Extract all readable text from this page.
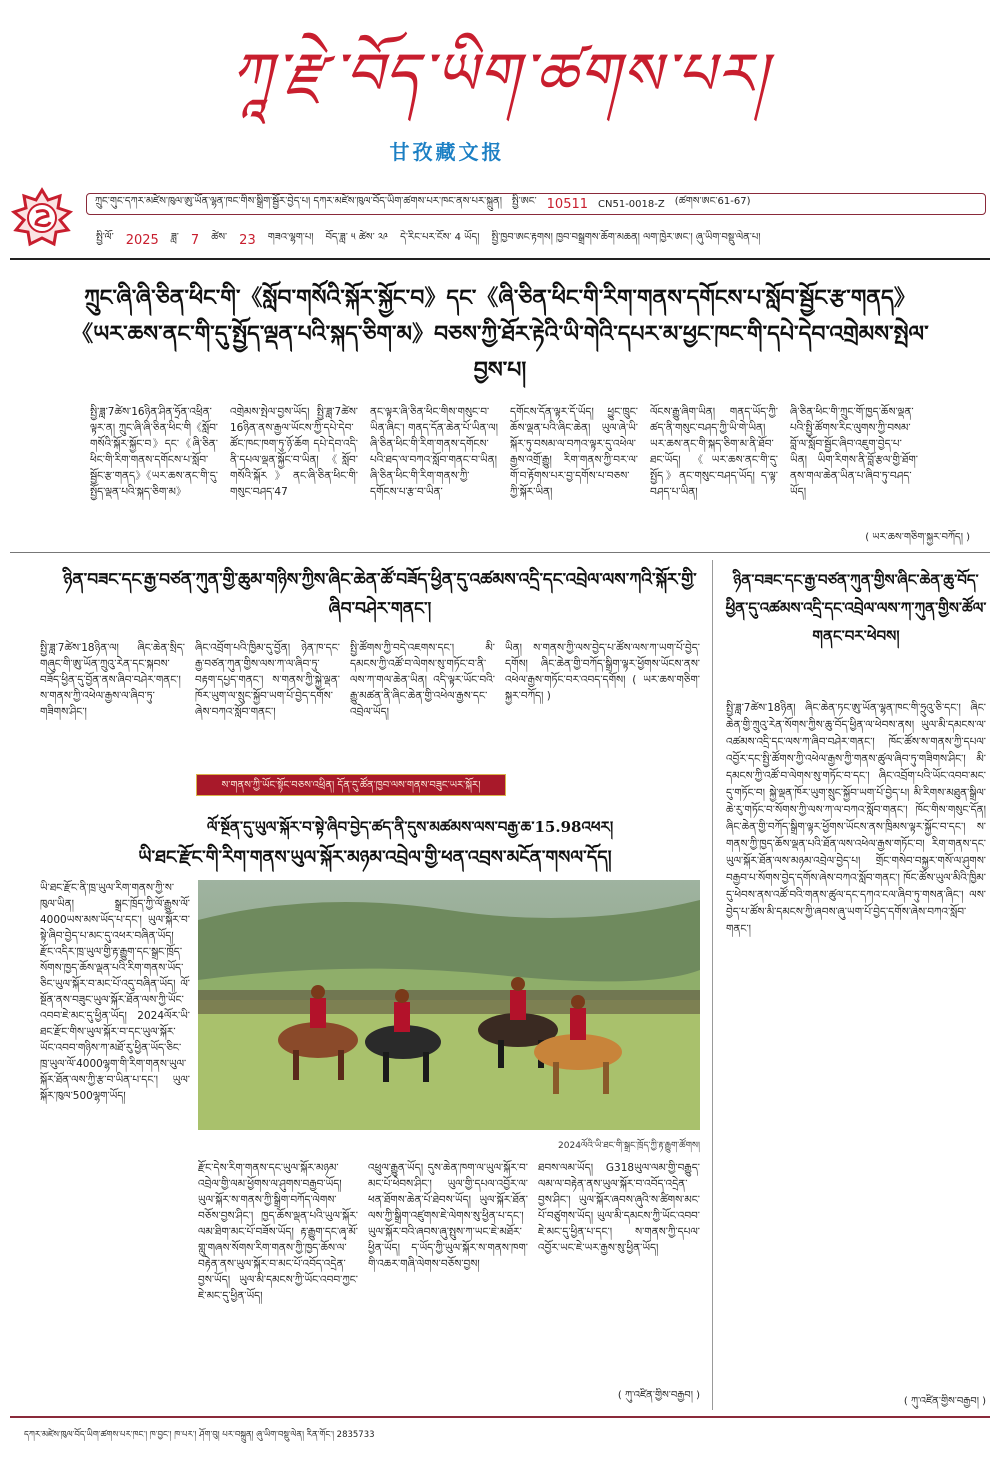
ཀཱ་རྫེ་བོད་ཡིག་ཚགས་པར།
甘孜藏文报
ཀྲུང་གུང་དཀར་མཛེས་ཁུལ་ཨུ་ཡོན་ལྷན་ཁང་གིས་སྒྲིག་སྦྱོར་བྱེད་པ། དཀར་མཛེས་ཁུལ་བོད་ཡིག་ཚགས་པར་ཁང་ནས་པར་སྐྲུན། སྤྱི་ཨང་ 10511 CN51-0018-Z (ཚགས་ཨང་61-67)
སྤྱི་ལོ་ 2025 ཟླ་ 7 ཚེས་ 23 གཟའ་ལྷག་པ། བོད་ཟླ་ ༥ ཚེས་ ༢༩ དེ་རིང་པར་ངོས་ 4 ཡོད། སྤྱི་ཁྱབ་ཨང་རྟགས། ཁྱབ་བསྒྲགས་ཆོག་མཆན། ལག་ཁྱེར་ཨང་། ཞུ་ཡིག་བསྡུ་ལེན་པ།
ཀྲུང་ཞི་ཞི་ཅིན་ཕིང་གི་《སློབ་གསོའི་སྐོར་སྐྱོང་བ》དང་《ཞི་ཅིན་ཕིང་གི་རིག་གནས་དགོངས་པ་སློབ་སྦྱོང་རྩ་གནད》《ཡར་ཆས་ནང་གི་དུ་སྤྱོད་ལྡན་པའི་སྐད་ཅིག་མ》བཅས་ཀྱི་ཐོར་རྟེའི་ཡི་གེའི་དཔར་མ་ཕྱང་ཁང་གི་དཔེ་དེབ་འགྲེམས་སྤེལ་བྱས་པ།
སྤྱི་ཟླ་7ཚེས་16ཉིན་ཤིན་ཧྲོན་འཕྲིན་ལྟར་ན། ཀྲུང་ཞི་ཞི་ཅིན་ཕིང་གི《སློབ་གསོའི་སྐོར་སྐྱོང་བ》དང་《ཞི་ཅིན་ཕིང་གི་རིག་གནས་དགོངས་པ་སློབ་སྦྱོང་རྩ་གནད》《ཡར་ཆས་ནང་གི་དུ་སྤྱོད་ལྡན་པའི་སྐད་ཅིག་མ》
འགྲེམས་སྤེལ་བྱས་ཡོད། སྤྱི་ཟླ་7ཚེས་16ཉིན་ནས་རྒྱལ་ཡོངས་ཀྱི་དཔེ་དེབ་ཚོང་ཁང་ཁག་ཏུ་ཉོ་ཆོག དཔེ་དེབ་འདི་ནི་དཔལ་ལྡན་སྐྱོང་བ་ཡིན། 《སློབ་གསོའི་སྐོར》ནང་ཞི་ཅིན་ཕིང་གི་གསུང་བཤད་47
ནང་ལྟར་ཞི་ཅིན་ཕིང་གིས་གསུང་བ་ཡིན་ཞིང་། གནད་དོན་ཆེན་པོ་ཡིན་ལ། ཞི་ཅིན་ཕིང་གི་རིག་གནས་དགོངས་པའི་ཐད་ལ་བཀའ་སློབ་གནང་བ་ཡིན། ཞི་ཅིན་ཕིང་གི་རིག་གནས་ཀྱི་དགོངས་པ་རྩ་བ་ཡིན་
དགོངས་དོན་ལྟར་དོ་ཡོད། ཕྱུང་ཁྲུང་ཆོས་ལྡན་པའི་ཞིང་ཆེན། ཡུལ་ཞེ་ཡི་སྐོར་ཏུ་བསམ་ལ་བཀའ་ལྟར་དུ་འཕེལ་རྒྱས་འགྲོ་རྒྱུ། རིག་གནས་ཀྱི་བར་ལ་གོ་བ་རྟོགས་པར་བྱ་དགོས་པ་བཅས་ཀྱི་སྐོར་ཡིན།
ལོངས་རྒྱུ་ཞིག་ཡིན། གནད་ཡོད་ཀྱི་ཚད་ནི་གསུང་བཤད་ཀྱི་ཡི་གེ་ཡིན། ཡར་ཆས་ནང་གི་སྐད་ཅིག་མ་ནི་ཐོབ་ཐང་ཡོད། 《ཡར་ཆས་ནང་གི་དུ་སྤྱོད》ནང་གསུང་བཤད་ཡོད། ད་ལྟ་བཤད་པ་ཡིན།
ཞི་ཅིན་ཕིང་གི་ཀྲུང་གོ་ཁྱད་ཆོས་ལྡན་པའི་སྤྱི་ཚོགས་རིང་ལུགས་ཀྱི་བསམ་བློ་ལ་སློབ་སྦྱོང་ཞིབ་འཇུག་བྱེད་པ་ཡིན། ཡིག་རིགས་ནི་བློ་རྩལ་གྱི་ཐོག་ནས་གལ་ཆེན་ཡིན་པ་ཞིབ་ཏུ་བཤད་ཡོད།
( ཡར་ཆས་གཅིག་སྐྱར་བཀོད། )
ཉིན་བཟང་དང་རྒྱ་བཙན་ཀུན་གྱི་ཆུམ་གཉིས་ཀྱིས་ཞིང་ཆེན་ཚོ་བཟོད་ཕྱིན་དུ་འཚམས་འདྲི་དང་འབྲེལ་ལས་ཀའི་སྐོར་གྱི་ཞིབ་བཤེར་གནང་།
སྤྱི་ཟླ་7ཚེས་18ཉིན་ལ། ཞིང་ཆེན་སྲིད་གཞུང་གི་ཨུ་ཡོན་ཀྲུའུ་རེན་དང་སྐབས་བཟོད་ཕྱིན་དུ་བྱོན་ནས་ཞིབ་བཤེར་གནང་། ས་གནས་ཀྱི་འཕེལ་རྒྱས་ལ་ཞིབ་ཏུ་གཟིགས་ཤིང་།
ཞིང་འབྲོག་པའི་ཁྱིམ་དུ་བྱོན། ཉེན་ཁ་དང་རྒྱ་བཙན་ཀུན་གྱིས་ལས་ཀ་ལ་ཞིབ་ཏུ་བརྟག་དཔྱད་གནང་། ས་གནས་ཀྱི་སྐྱེ་ལྡན་ཁོར་ཡུག་ལ་སྲུང་སྐྱོབ་ཡག་པོ་བྱེད་དགོས་ཞེས་བཀའ་སློབ་གནང་།
སྤྱི་ཚོགས་ཀྱི་བདེ་འཇགས་དང་། མི་དམངས་ཀྱི་འཚོ་བ་ལེགས་སུ་གཏོང་བ་ནི་ལས་ཀ་གལ་ཆེན་ཡིན། འདི་ལྟར་ཡོང་བའི་རྒྱུ་མཚན་ནི་ཞིང་ཆེན་གྱི་འཕེལ་རྒྱས་དང་འབྲེལ་ཡོད།
ཡིན། ས་གནས་ཀྱི་ལས་བྱེད་པ་ཚོས་ལས་ཀ་ཡག་པོ་བྱེད་དགོས། ཞིང་ཆེན་གྱི་བཀོད་སྒྲིག་ལྟར་ཕྱོགས་ཡོངས་ནས་འཕེལ་རྒྱས་གཏོང་བར་འབད་དགོས། ( ཡར་ཆས་གཅིག་སྐྱར་བཀོད། )
ཉིན་བཟང་དང་རྒྱ་བཙན་ཀུན་གྱིས་ཞིང་ཆེན་ཆུ་བོད་ཕྱིན་དུ་འཚམས་འདྲི་དང་འབྲེལ་ལས་ཀ་ཀུན་གྱིས་ཚོལ་གནང་བར་ཕེབས།
སྤྱི་ཟླ་7ཚེས་18ཉིན། ཞིང་ཆེན་ཏང་ཨུ་ཡོན་ལྷན་ཁང་གི་ཧྲུའུ་ཅི་དང་། ཞིང་ཆེན་གྱི་ཀྲུའུ་རེན་སོགས་ཀྱིས་ཆུ་བོད་ཕྱིན་ལ་ཕེབས་ནས། ཡུལ་མི་དམངས་ལ་འཚམས་འདྲི་དང་ལས་ཀ་ཞིབ་བཤེར་གནང་། ཁོང་ཚོས་ས་གནས་ཀྱི་དཔལ་འབྱོར་དང་སྤྱི་ཚོགས་ཀྱི་འཕེལ་རྒྱས་ཀྱི་གནས་ཚུལ་ཞིབ་ཏུ་གཟིགས་ཤིང་། མི་དམངས་ཀྱི་འཚོ་བ་ལེགས་སུ་གཏོང་བ་དང་། ཞིང་འབྲོག་པའི་ཡོང་འབབ་མང་དུ་གཏོང་བ། སྐྱེ་ལྡན་ཁོར་ཡུག་སྲུང་སྐྱོབ་ཡག་པོ་བྱེད་པ། མི་རིགས་མཐུན་སྒྲིལ་ཆེ་རུ་གཏོང་བ་སོགས་ཀྱི་ལས་ཀ་ལ་བཀའ་སློབ་གནང་། ཁོང་གིས་གསུང་དོན། ཞིང་ཆེན་གྱི་བཀོད་སྒྲིག་ལྟར་ཕྱོགས་ཡོངས་ནས་ཁྲིམས་ལྟར་སྐྱོང་བ་དང་། ས་གནས་ཀྱི་ཁྱད་ཆོས་ལྡན་པའི་ཐོན་ལས་འཕེལ་རྒྱས་གཏོང་བ། རིག་གནས་དང་ཡུལ་སྐོར་ཐོན་ལས་མཉམ་འབྲེལ་བྱེད་པ། གྲོང་གསེབ་བསྐྱར་གསོ་ལ་ཤུགས་བརྒྱབ་པ་སོགས་བྱེད་དགོས་ཞེས་བཀའ་སློབ་གནང་། ཁོང་ཚོས་ཡུལ་མིའི་ཁྱིམ་དུ་ཕེབས་ནས་འཚོ་བའི་གནས་ཚུལ་དང་དཀའ་ངལ་ཞིབ་ཏུ་གསན་ཞིང་། ལས་བྱེད་པ་ཚོས་མི་དམངས་ཀྱི་ཞབས་ཞུ་ཡག་པོ་བྱེད་དགོས་ཞེས་བཀའ་སློབ་གནང་།
( ཀུ་འཛིན་གྱིས་བརྒྱབ། )
ས་གནས་ཀྱི་ཡོང་སྟོང་བཅས་འཕྲིན། དོན་དུ་ཚོན་ཁྱབ་ལས་གནས་བཟུང་ཡར་སྐོར།
ལོ་སྔོན་དུ་ཡུལ་སྐོར་བ་སྟེ་ཞིབ་བྱེད་ཚད་ནི་དུས་མཚམས་ལས་བརྒྱ་ཆ་15.98འཕར།
ཡི་ཐང་རྫོང་གི་རིག་གནས་ཡུལ་སྐོར་མཉམ་འབྲེལ་གྱི་ཕན་འབྲས་མངོན་གསལ་དོད།
ཡི་ཐང་རྫོང་ནི་ཁྲ་ཡུལ་རིག་གནས་ཀྱི་ས་ཁུལ་ཡིན། སྒྲང་ཁྲོད་ཀྱི་ལོ་རྒྱུས་ལོ་4000ཡས་མས་ཡོད་པ་དང་། ཡུལ་སྐོར་བ་སྟེ་ཞིབ་བྱེད་པ་མང་དུ་འཕར་བཞིན་ཡོད། རྫོང་འདིར་ཁྲ་ཡུལ་གྱི་རྟ་རྒྱུག་དང་སྒྲང་ཁྲོད་སོགས་ཁྱད་ཆོས་ལྡན་པའི་རིག་གནས་ཡོད་ཅིང་ཡུལ་སྐོར་བ་མང་པོ་འདུ་བཞིན་ཡོད། ལོ་སྔོན་ནས་བཟུང་ཡུལ་སྐོར་ཐོན་ལས་ཀྱི་ཡོང་འབབ་ཇེ་མང་དུ་ཕྱིན་ཡོད། 2024ལོར་ཡི་ཐང་རྫོང་གིས་ཡུལ་སྐོར་བ་དང་ཡུལ་སྐོར་ཡོང་འབབ་གཉིས་ཀ་མཐོ་རུ་ཕྱིན་ཡོད་ཅིང་ཁྲ་ཡུལ་ལོ་4000ལྷག་གི་རིག་གནས་ཡུལ་སྐོར་ཐོན་ལས་ཀྱི་རྩ་བ་ཡིན་པ་དང་། ཡུལ་སྐོར་ཁུལ་500ལྷག་ཡོད།
2024ལོའི་ཡི་ཐང་གི་སྒྲང་ཁྲོད་ཀྱི་རྟ་རྒྱུག་ཚོགས།
རྫོང་དེས་རིག་གནས་དང་ཡུལ་སྐོར་མཉམ་འབྲེལ་གྱི་ལམ་ཕྱོགས་ལ་ཤུགས་བརྒྱབ་ཡོད། ཡུལ་སྐོར་ས་གནས་ཀྱི་སྒྲིག་བཀོད་ལེགས་བཅོས་བྱས་ཤིང་། ཁྱད་ཆོས་ལྡན་པའི་ཡུལ་སྐོར་ལམ་ཐིག་མང་པོ་བཟོས་ཡོད། རྟ་རྒྱུག་དང་ཞྭ་མོ་གླུ་གཞས་སོགས་རིག་གནས་ཀྱི་ཁྱད་ཆོས་ལ་བརྟེན་ནས་ཡུལ་སྐོར་བ་མང་པོ་འབོད་འདྲེན་བྱས་ཡོད། ཡུལ་མི་དམངས་ཀྱི་ཡོང་འབབ་ཀྱང་ཇེ་མང་དུ་ཕྱིན་ཡོད།
འཕྲུལ་རྒྱུན་ཡོད། དུས་ཆེན་ཁག་ལ་ཡུལ་སྐོར་བ་མང་པོ་ཕེབས་ཤིང་། ཡུལ་གྱི་དཔལ་འབྱོར་ལ་ཕན་ཐོགས་ཆེན་པོ་ཐེབས་ཡོད། ཡུལ་སྐོར་ཐོན་ལས་ཀྱི་སྒྲིག་འཛུགས་ཇེ་ལེགས་སུ་ཕྱིན་པ་དང་། ཡུལ་སྐོར་བའི་ཞབས་ཞུ་སྤུས་ཀ་ཡང་ཇེ་མཐོར་ཕྱིན་ཡོད། ད་ཡོད་ཀྱི་ཡུལ་སྐོར་ས་གནས་ཁག་གི་འཆར་གཞི་ལེགས་བཅོས་བྱས།
ཐབས་ལམ་ཡོད། G318ཡུལ་ལམ་གྱི་བརྒྱུད་ལམ་ལ་བརྟེན་ནས་ཡུལ་སྐོར་བ་འབོད་འདྲེན་བྱས་ཤིང་། ཡུལ་སྐོར་ཞབས་ཞུའི་ས་ཚིགས་མང་པོ་བཙུགས་ཡོད། ཡུལ་མི་དམངས་ཀྱི་ཡོང་འབབ་ཇེ་མང་དུ་ཕྱིན་པ་དང་། ས་གནས་ཀྱི་དཔལ་འབྱོར་ཡང་ཇེ་ཡར་རྒྱས་སུ་ཕྱིན་ཡོད།
( ཀུ་འཛིན་གྱིས་བརྒྱབ། )
དཀར་མཛེས་ཁུལ་བོད་ཡིག་ཚགས་པར་ཁང་། ཁ་བྱང་། ཁ་པར་། ཤོག་བུ། པར་བསྐྲུན། ཞུ་ཡིག་བསྡུ་ལེན། རིན་གོང་། 2835733
